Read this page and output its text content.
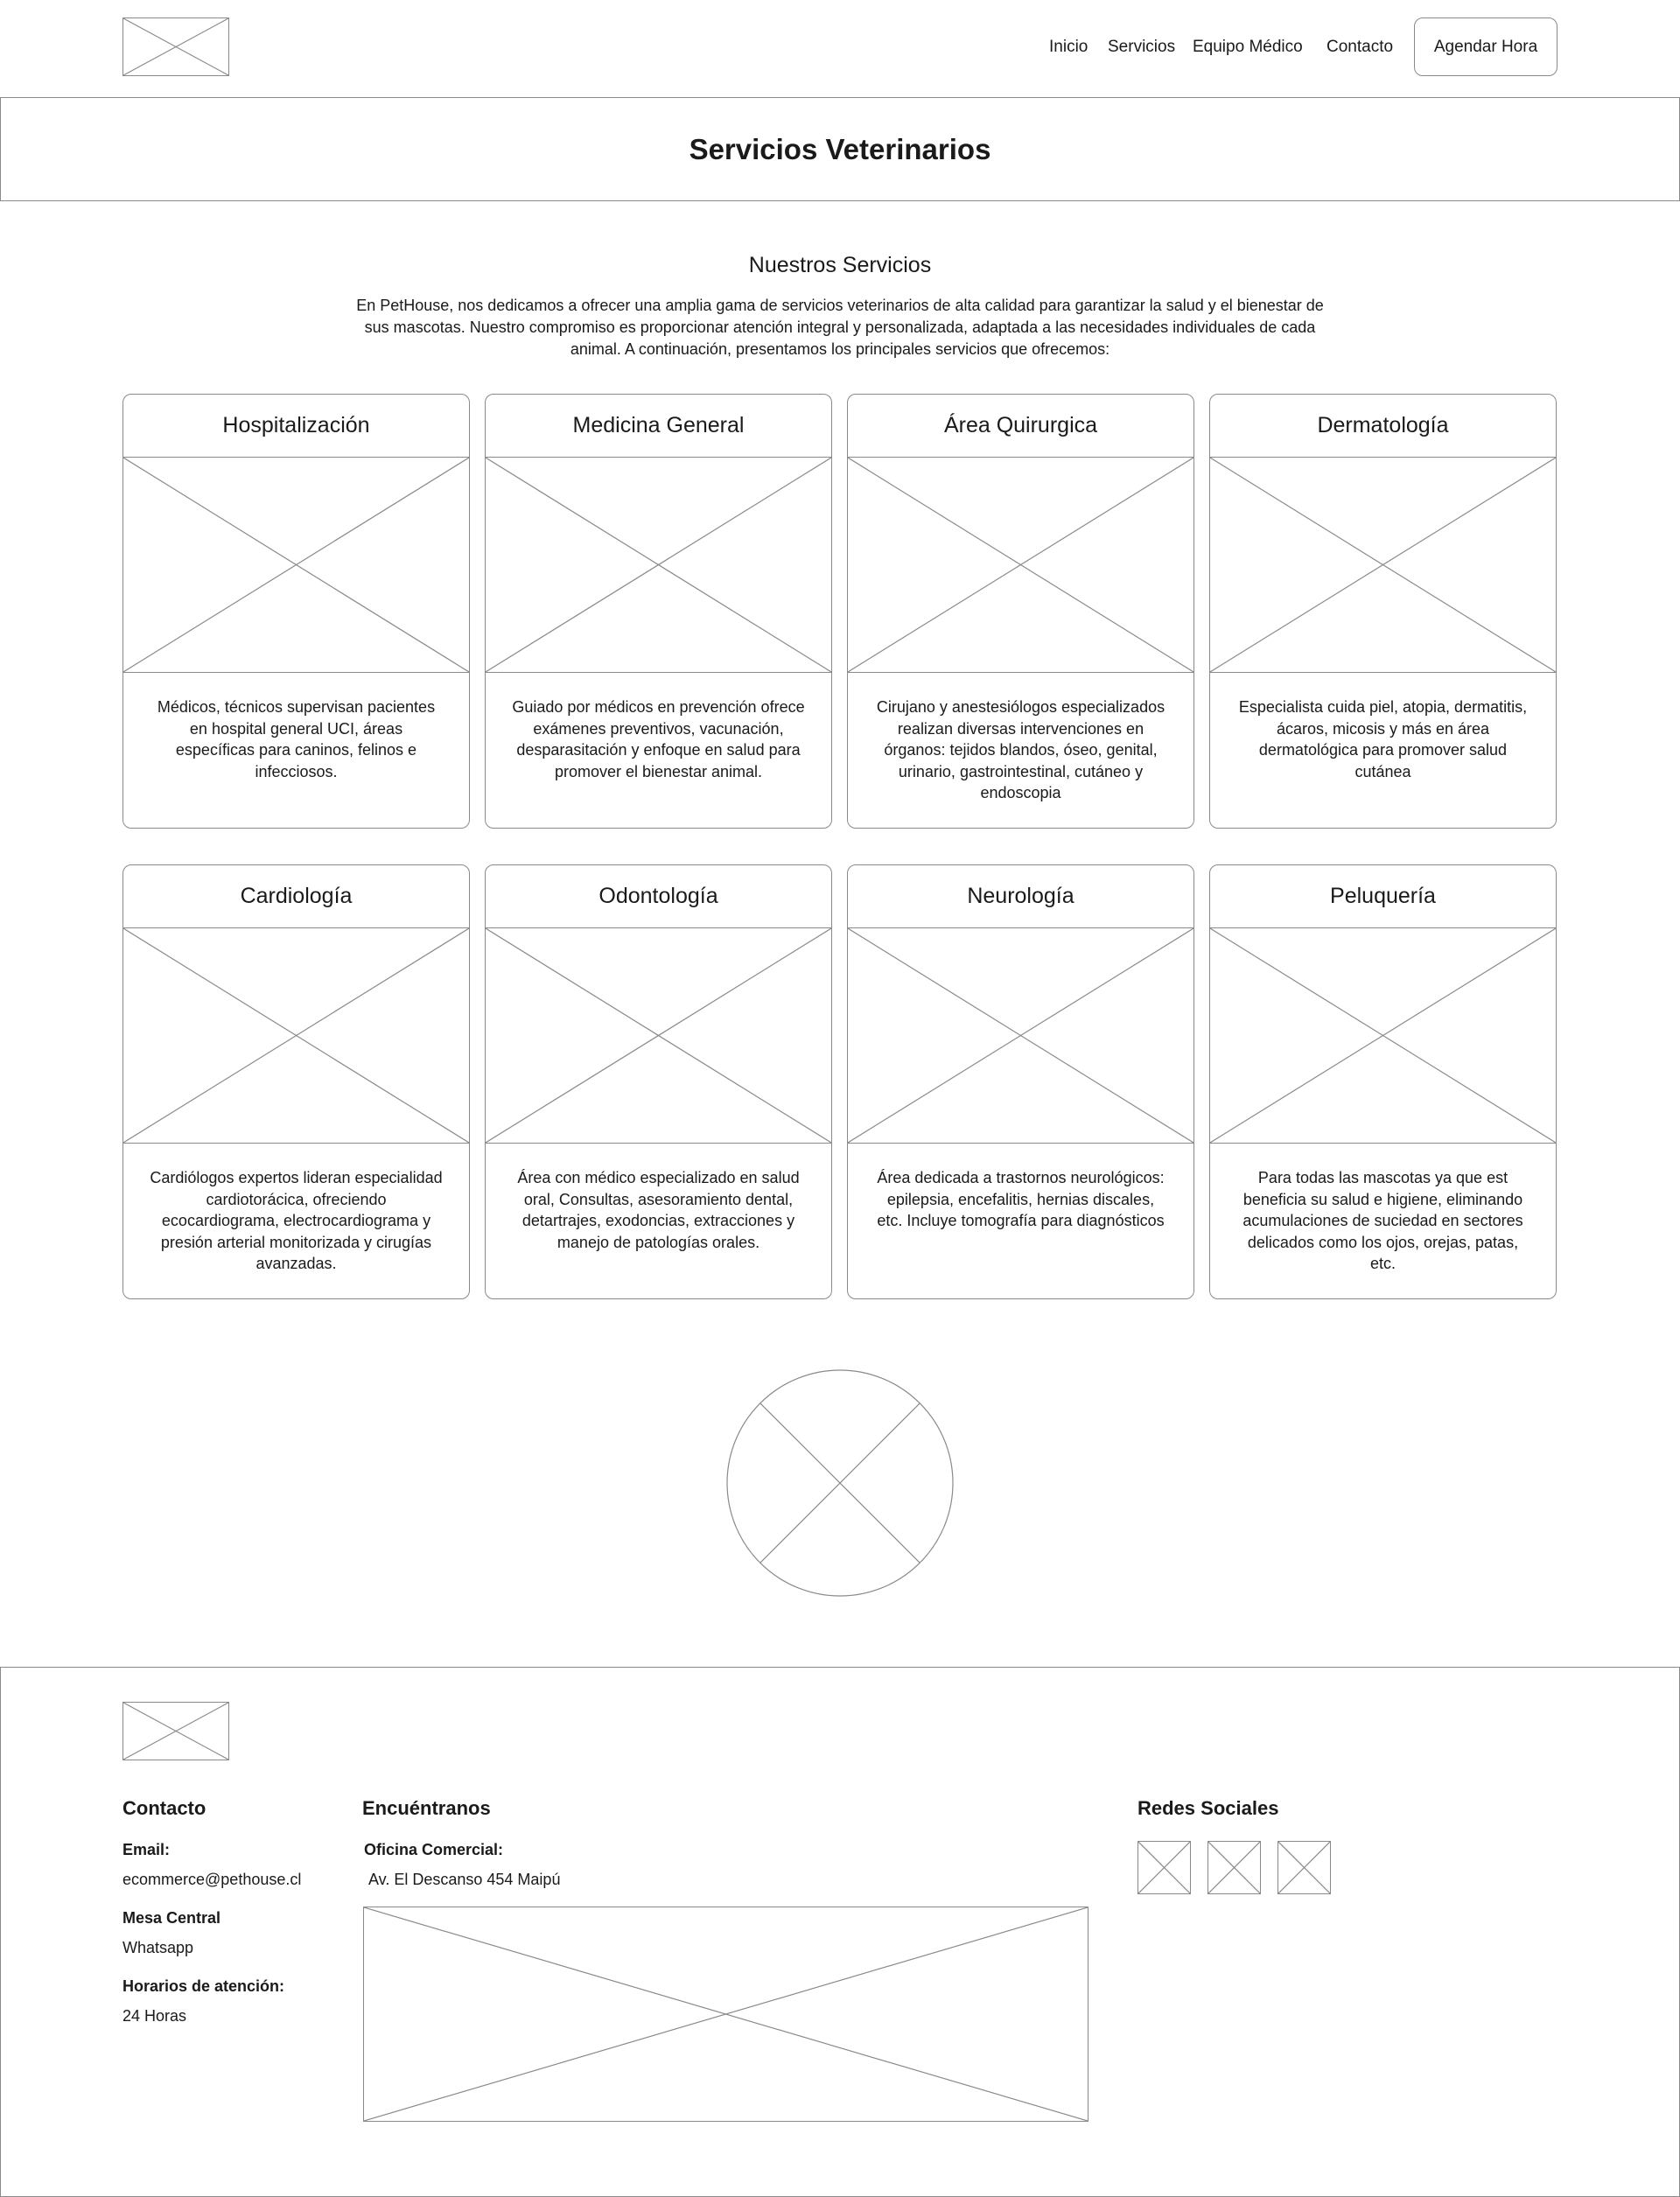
Inicio Servicios Equipo Médico Contacto	Agendar Hora
Servicios Veterinarios
Nuestros Servicios
En PetHouse, nos dedicamos a ofrecer una amplia gama de servicios veterinarios de alta calidad para garantizar la salud y el bienestar de sus mascotas. Nuestro compromiso es proporcionar atención integral y personalizada, adaptada a las necesidades individuales de cada animal. A continuación, presentamos los principales servicios que ofrecemos:
Hospitalización
Médicos, técnicos supervisan pacientes en hospital general UCI, áreas específicas para caninos, felinos e infecciosos.
Medicina General
Guiado por médicos en prevención ofrece exámenes preventivos, vacunación, desparasitación y enfoque en salud para promover el bienestar animal.
Área Quirurgica
Cirujano y anestesiólogos especializados realizan diversas intervenciones en órganos: tejidos blandos, óseo, genital, urinario, gastrointestinal, cutáneo y endoscopia
Dermatología
Especialista cuida piel, atopia, dermatitis, ácaros, micosis y más en área dermatológica para promover salud cutánea
Cardiología
Cardiólogos expertos lideran especialidad cardiotorácica, ofreciendo ecocardiograma, electrocardiograma y presión arterial monitorizada y cirugías avanzadas.
Odontología
Área con médico especializado en salud oral, Consultas, asesoramiento dental, detartrajes, exodoncias, extracciones y manejo de patologías orales.
Neurología
Área dedicada a trastornos neurológicos: epilepsia, encefalitis, hernias discales, etc. Incluye tomografía para diagnósticos
Peluquería
Para todas las mascotas ya que est beneficia su salud e higiene, eliminando acumulaciones de suciedad en sectores delicados como los ojos, orejas, patas, etc.
Contacto
Email:
ecommerce@pethouse.cl
Mesa Central
Whatsapp
Horarios de atención:
24 Horas
Encuéntranos
Oficina Comercial:
Av. El Descanso 454 Maipú
Redes Sociales
